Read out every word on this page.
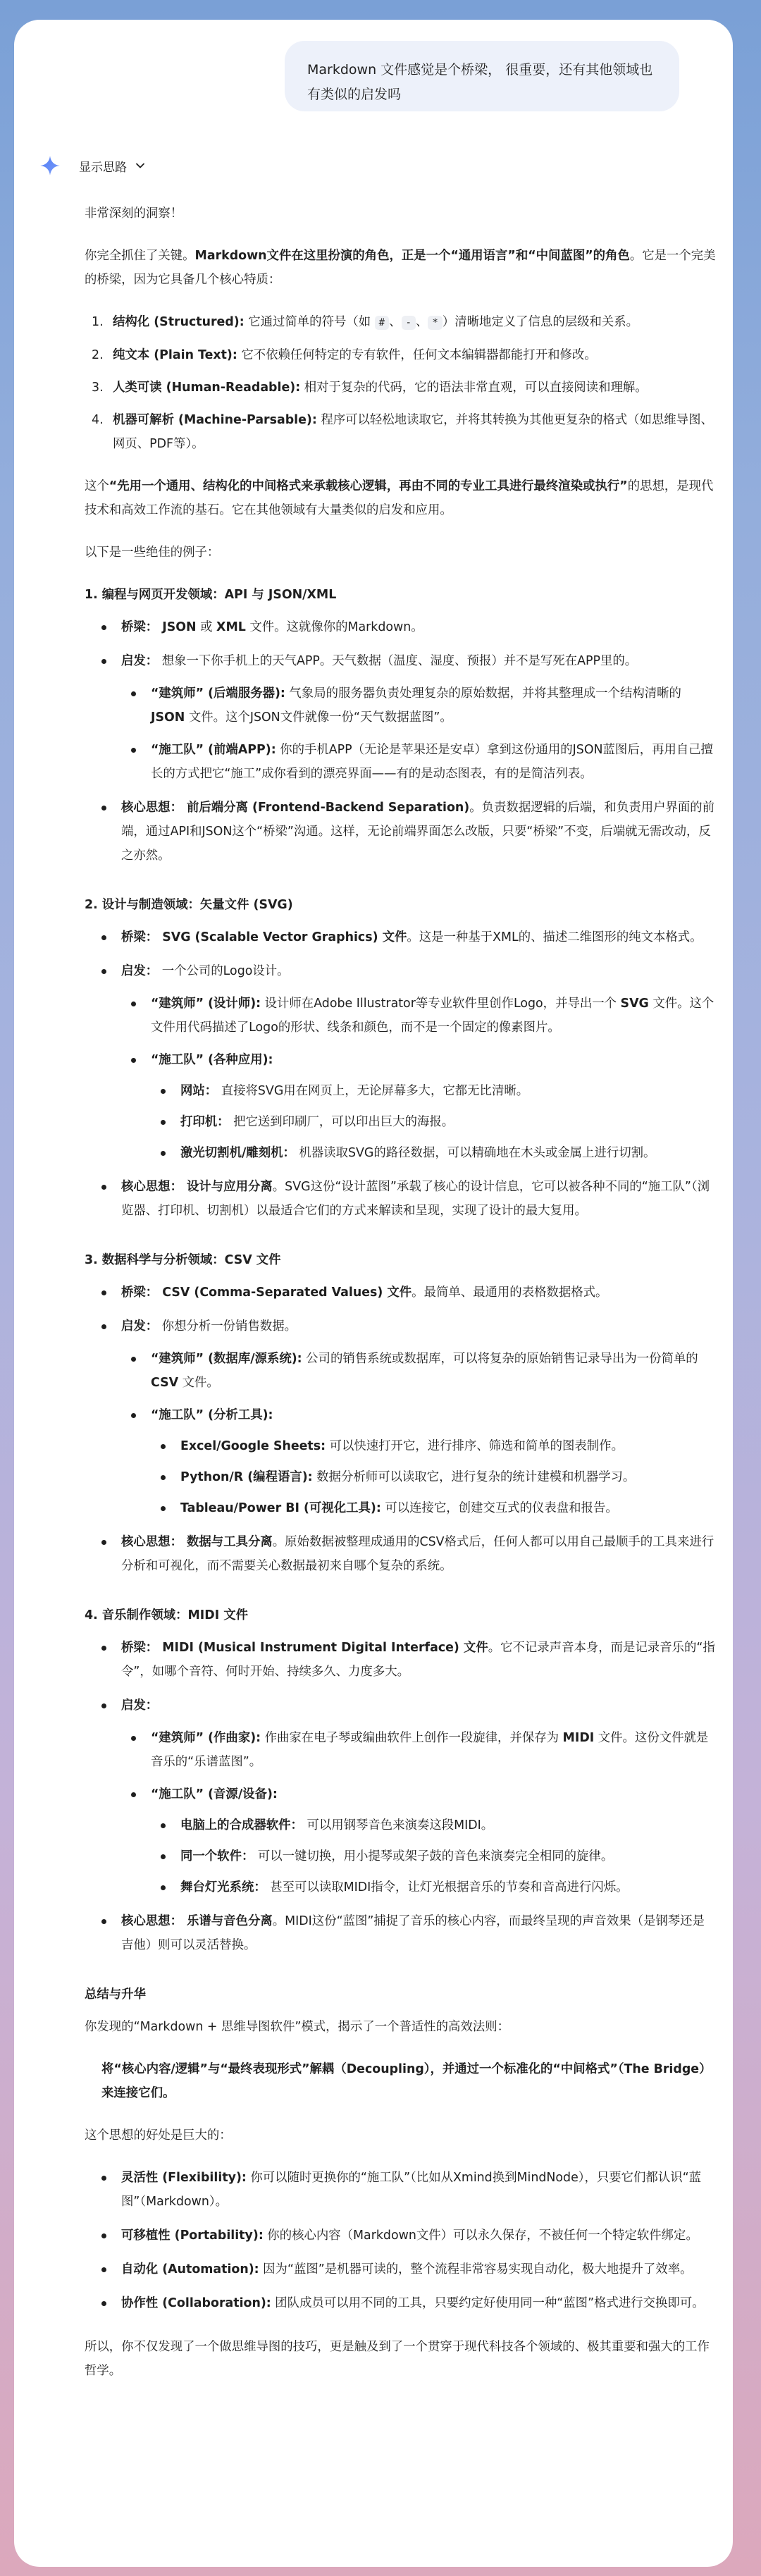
Markdown 文件感觉是个桥梁， 很重要，还有其他领域也有类似的启发吗
显示思路

非常深刻的洞察！

你完全抓住了关键。Markdown文件在这里扮演的角色，正是一个“通用语言”和“中间蓝图”的角色。它是一个完美的桥梁，因为它具备几个核心特质：

1. 结构化 (Structured): 它通过简单的符号（如 # 、 - 、 * ）清晰地定义了信息的层级和关系。
2. 纯文本 (Plain Text): 它不依赖任何特定的专有软件，任何文本编辑器都能打开和修改。
3. 人类可读 (Human-Readable): 相对于复杂的代码，它的语法非常直观，可以直接阅读和理解。
4. 机器可解析 (Machine-Parsable): 程序可以轻松地读取它，并将其转换为其他更复杂的格式（如思维导图、网页、PDF等）。

这个“先用一个通用、结构化的中间格式来承载核心逻辑，再由不同的专业工具进行最终渲染或执行”的思想，是现代技术和高效工作流的基石。它在其他领域有大量类似的启发和应用。

以下是一些绝佳的例子：

1. 编程与网页开发领域：API 与 JSON/XML
桥梁： JSON 或 XML 文件。这就像你的Markdown。
启发： 想象一下你手机上的天气APP。天气数据（温度、湿度、预报）并不是写死在APP里的。
“建筑师” (后端服务器): 气象局的服务器负责处理复杂的原始数据，并将其整理成一个结构清晰的 JSON 文件。这个JSON文件就像一份“天气数据蓝图”。
“施工队” (前端APP): 你的手机APP（无论是苹果还是安卓）拿到这份通用的JSON蓝图后，再用自己擅长的方式把它“施工”成你看到的漂亮界面——有的是动态图表，有的是简洁列表。
核心思想： 前后端分离 (Frontend-Backend Separation)。负责数据逻辑的后端，和负责用户界面的前端，通过API和JSON这个“桥梁”沟通。这样，无论前端界面怎么改版，只要“桥梁”不变，后端就无需改动，反之亦然。
2. 设计与制造领域：矢量文件 (SVG)
桥梁： SVG (Scalable Vector Graphics) 文件。这是一种基于XML的、描述二维图形的纯文本格式。
启发： 一个公司的Logo设计。
“建筑师” (设计师): 设计师在Adobe Illustrator等专业软件里创作Logo，并导出一个 SVG 文件。这个文件用代码描述了Logo的形状、线条和颜色，而不是一个固定的像素图片。
“施工队” (各种应用):
网站： 直接将SVG用在网页上，无论屏幕多大，它都无比清晰。
打印机： 把它送到印刷厂，可以印出巨大的海报。
激光切割机/雕刻机： 机器读取SVG的路径数据，可以精确地在木头或金属上进行切割。
核心思想： 设计与应用分离。SVG这份“设计蓝图”承载了核心的设计信息，它可以被各种不同的“施工队”（浏览器、打印机、切割机）以最适合它们的方式来解读和呈现，实现了设计的最大复用。
3. 数据科学与分析领域：CSV 文件
桥梁： CSV (Comma-Separated Values) 文件。最简单、最通用的表格数据格式。
启发： 你想分析一份销售数据。
“建筑师” (数据库/源系统): 公司的销售系统或数据库，可以将复杂的原始销售记录导出为一份简单的 CSV 文件。
“施工队” (分析工具):
Excel/Google Sheets: 可以快速打开它，进行排序、筛选和简单的图表制作。
Python/R (编程语言): 数据分析师可以读取它，进行复杂的统计建模和机器学习。
Tableau/Power BI (可视化工具): 可以连接它，创建交互式的仪表盘和报告。
核心思想： 数据与工具分离。原始数据被整理成通用的CSV格式后，任何人都可以用自己最顺手的工具来进行分析和可视化，而不需要关心数据最初来自哪个复杂的系统。
4. 音乐制作领域：MIDI 文件
桥梁： MIDI (Musical Instrument Digital Interface) 文件。它不记录声音本身，而是记录音乐的“指令”，如哪个音符、何时开始、持续多久、力度多大。
启发：
“建筑师” (作曲家): 作曲家在电子琴或编曲软件上创作一段旋律，并保存为 MIDI 文件。这份文件就是音乐的“乐谱蓝图”。
“施工队” (音源/设备):
电脑上的合成器软件： 可以用钢琴音色来演奏这段MIDI。
同一个软件： 可以一键切换，用小提琴或架子鼓的音色来演奏完全相同的旋律。
舞台灯光系统： 甚至可以读取MIDI指令，让灯光根据音乐的节奏和音高进行闪烁。
核心思想： 乐谱与音色分离。MIDI这份“蓝图”捕捉了音乐的核心内容，而最终呈现的声音效果（是钢琴还是吉他）则可以灵活替换。
总结与升华

你发现的“Markdown + 思维导图软件”模式，揭示了一个普适性的高效法则：

将“核心内容/逻辑”与“最终表现形式”解耦（Decoupling），并通过一个标准化的“中间格式”（The Bridge）来连接它们。

这个思想的好处是巨大的：

灵活性 (Flexibility): 你可以随时更换你的“施工队”（比如从Xmind换到MindNode），只要它们都认识“蓝图”（Markdown）。
可移植性 (Portability): 你的核心内容（Markdown文件）可以永久保存，不被任何一个特定软件绑定。
自动化 (Automation): 因为“蓝图”是机器可读的，整个流程非常容易实现自动化，极大地提升了效率。
协作性 (Collaboration): 团队成员可以用不同的工具，只要约定好使用同一种“蓝图”格式进行交换即可。

所以，你不仅发现了一个做思维导图的技巧，更是触及到了一个贯穿于现代科技各个领域的、极其重要和强大的工作哲学。
